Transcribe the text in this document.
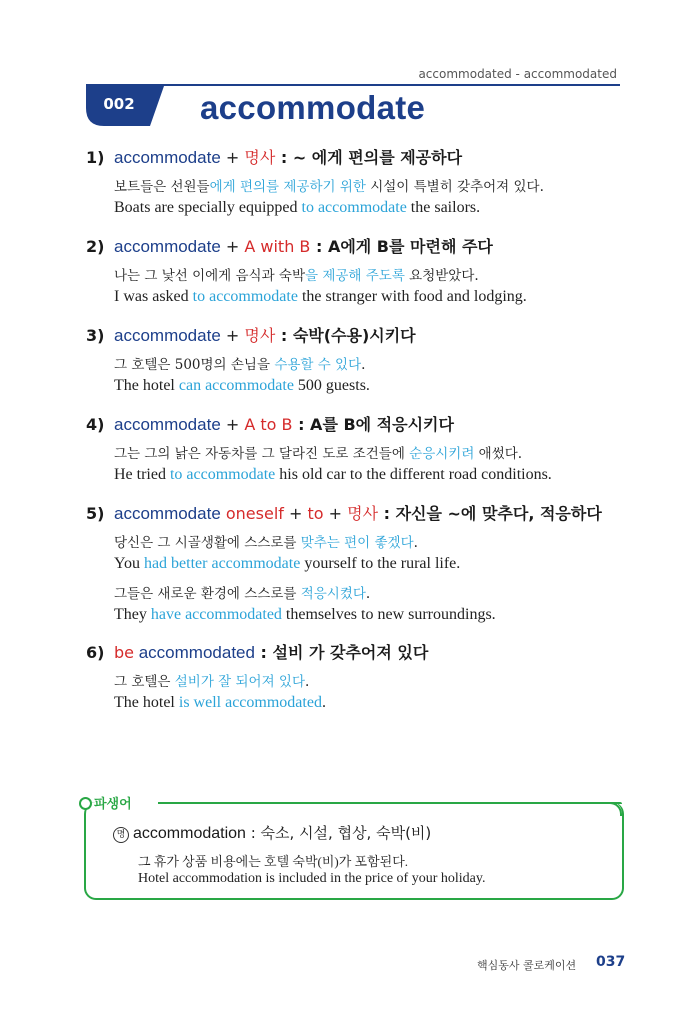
accommodated - accommodated
002	accommodate
1) accommodate + 명사 : ~ 에게 편의를 제공하다
보트들은 선원들에게 편의를 제공하기 위한 시설이 특별히 갖추어져 있다.
Boats are specially equipped to accommodate the sailors.
2) accommodate + A with B : A에게 B를 마련해 주다
나는 그 낯선 이에게 음식과 숙박을 제공해 주도록 요청받았다.
I was asked to accommodate the stranger with food and lodging.
3) accommodate + 명사 : 숙박(수용)시키다
그 호텔은 500명의 손님을 수용할 수 있다.
The hotel can accommodate 500 guests.
4) accommodate + A to B : A를 B에 적응시키다
그는 그의 낡은 자동차를 그 달라진 도로 조건들에 순응시키려 애썼다.
He tried to accommodate his old car to the different road conditions.
5) accommodate oneself + to + 명사 : 자신을 ~에 맞추다, 적응하다
당신은 그 시골생활에 스스로를 맞추는 편이 좋겠다.
You had better accommodate yourself to the rural life.
그들은 새로운 환경에 스스로를 적응시켰다.
They have accommodated themselves to new surroundings.
6) be accommodated : 설비 가 갖추어져 있다
그 호텔은 설비가 잘 되어져 있다.
The hotel is well accommodated.
파생어
명 accommodation : 숙소, 시설, 협상, 숙박(비)
그 휴가 상품 비용에는 호텔 숙박(비)가 포함된다.
Hotel accommodation is included in the price of your holiday.
핵심동사 콜로케이션 037
